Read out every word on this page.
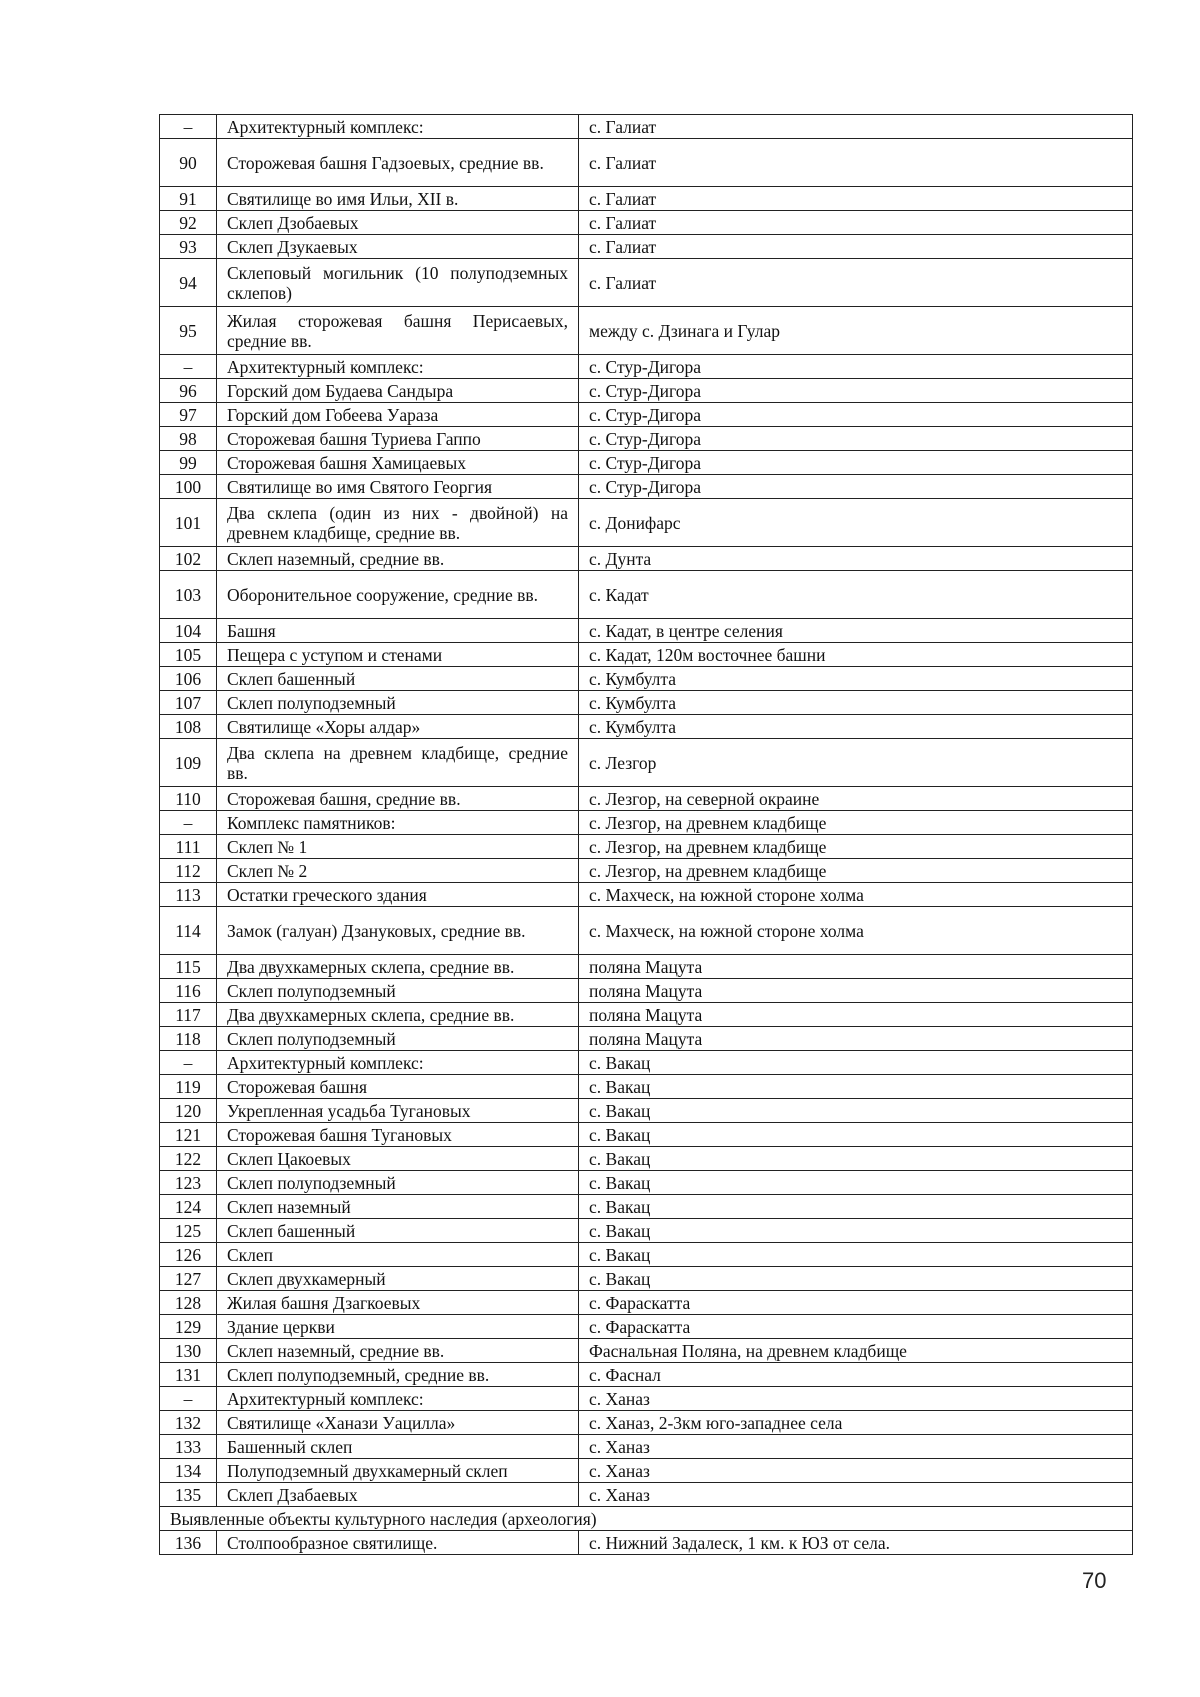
–	Архитектурный комплекс:	с. Галиат
90	Сторожевая башня Гадзоевых, средние вв.	с. Галиат
91	Святилище во имя Ильи, XII в.	с. Галиат
92	Склеп Дзобаевых	с. Галиат
93	Склеп Дзукаевых	с. Галиат
94	Склеповый могильник (10 полуподземных склепов)	с. Галиат
95	Жилая сторожевая башня Перисаевых, средние вв.	между с. Дзинага и Гулар
–	Архитектурный комплекс:	с. Стур-Дигора
96	Горский дом Будаева Сандыра	с. Стур-Дигора
97	Горский дом Гобеева Уараза	с. Стур-Дигора
98	Сторожевая башня Туриева Гаппо	с. Стур-Дигора
99	Сторожевая башня Хамицаевых	с. Стур-Дигора
100	Святилище во имя Святого Георгия	с. Стур-Дигора
101	Два склепа (один из них - двойной) на древнем кладбище, средние вв.	с. Донифарс
102	Склеп наземный, средние вв.	с. Дунта
103	Оборонительное сооружение, средние вв.	с. Кадат
104	Башня	с. Кадат, в центре селения
105	Пещера с уступом и стенами	с. Кадат, 120м восточнее башни
106	Склеп башенный	с. Кумбулта
107	Склеп полуподземный	с. Кумбулта
108	Святилище «Хоры алдар»	с. Кумбулта
109	Два склепа на древнем кладбище, средние вв.	с. Лезгор
110	Сторожевая башня, средние вв.	с. Лезгор, на северной окраине
–	Комплекс памятников:	с. Лезгор, на древнем кладбище
111	Склеп № 1	с. Лезгор, на древнем кладбище
112	Склеп № 2	с. Лезгор, на древнем кладбище
113	Остатки греческого здания	с. Махческ, на южной стороне холма
114	Замок (галуан) Дзануковых, средние вв.	с. Махческ, на южной стороне холма
115	Два двухкамерных склепа, средние вв.	поляна Мацута
116	Склеп полуподземный	поляна Мацута
117	Два двухкамерных склепа, средние вв.	поляна Мацута
118	Склеп полуподземный	поляна Мацута
–	Архитектурный комплекс:	с. Вакац
119	Сторожевая башня	с. Вакац
120	Укрепленная усадьба Тугановых	с. Вакац
121	Сторожевая башня Тугановых	с. Вакац
122	Склеп Цакоевых	с. Вакац
123	Склеп полуподземный	с. Вакац
124	Склеп наземный	с. Вакац
125	Склеп башенный	с. Вакац
126	Склеп	с. Вакац
127	Склеп двухкамерный	с. Вакац
128	Жилая башня Дзагкоевых	с. Фараскатта
129	Здание церкви	с. Фараскатта
130	Склеп наземный, средние вв.	Фаснальная Поляна, на древнем кладбище
131	Склеп полуподземный, средние вв.	с. Фаснал
–	Архитектурный комплекс:	с. Ханаз
132	Святилище «Ханази Уацилла»	с. Ханаз, 2-3км юго-западнее села
133	Башенный склеп	с. Ханаз
134	Полуподземный двухкамерный склеп	с. Ханаз
135	Склеп Дзабаевых	с. Ханаз
Выявленные объекты культурного наследия (археология)		
136	Столпообразное святилище.	с. Нижний Задалеск, 1 км. к ЮЗ от села.
70
